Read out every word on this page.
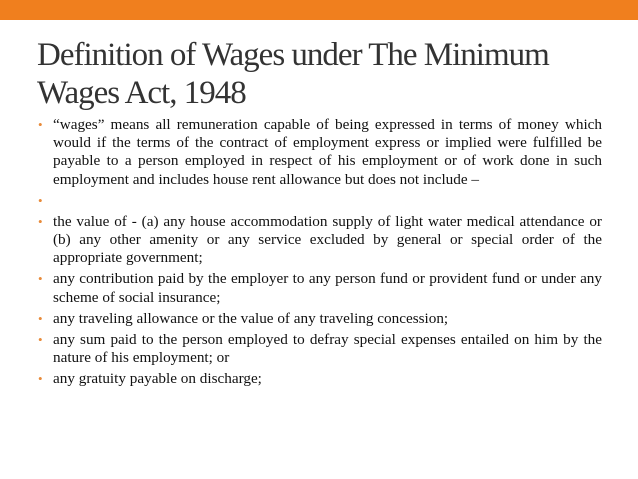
Definition of Wages under The Minimum
Wages Act, 1948
• “wages” means all remuneration capable of being expressed in terms of money which would if the terms of the contract of employment express or implied were fulfilled be payable to a person employed in respect of his employment or of work done in such employment and includes house rent allowance but does not include –
•
• the value of - (a) any house accommodation supply of light water medical attendance or (b) any other amenity or any service excluded by general or special order of the appropriate government;
• any contribution paid by the employer to any person fund or provident fund or under any scheme of social insurance;
• any traveling allowance or the value of any traveling concession;
• any sum paid to the person employed to defray special expenses entailed on him by the nature of his employment; or
• any gratuity payable on discharge;
